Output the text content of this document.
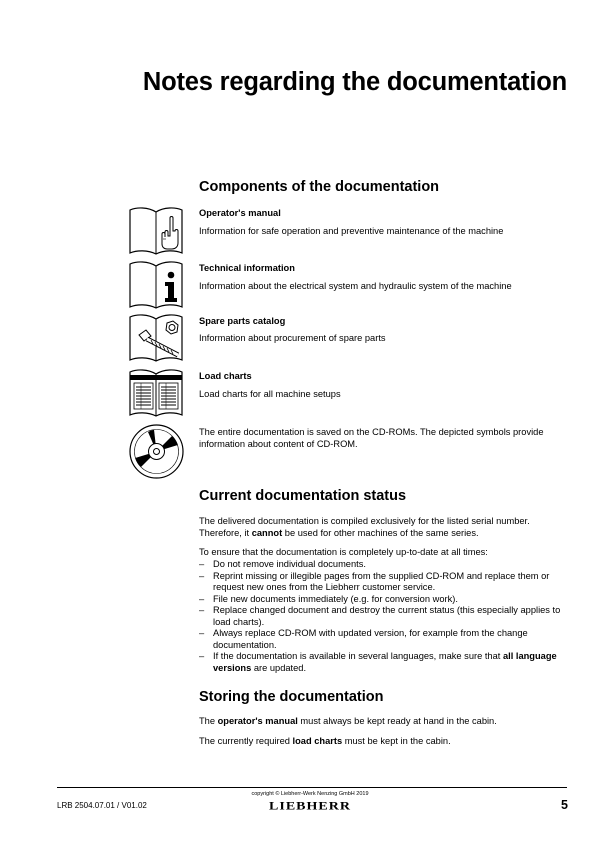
Notes regarding the documentation
Components of the documentation
Operator's manual
Information for safe operation and preventive maintenance of the machine
Technical information
Information about the electrical system and hydraulic system of the machine
Spare parts catalog
Information about procurement of spare parts
Load charts
Load charts for all machine setups
The entire documentation is saved on the CD-ROMs. The depicted symbols provide information about content of CD-ROM.
Current documentation status

The delivered documentation is compiled exclusively for the listed serial number. Therefore, it cannot be used for other machines of the same series.

To ensure that the documentation is completely up-to-date at all times:
– Do not remove individual documents.
– Reprint missing or illegible pages from the supplied CD-ROM and replace them or request new ones from the Liebherr customer service.
– File new documents immediately (e.g. for conversion work).
– Replace changed document and destroy the current status (this especially applies to load charts).
– Always replace CD-ROM with updated version, for example from the change documentation.
– If the documentation is available in several languages, make sure that all language versions are updated.
Storing the documentation

The operator's manual must always be kept ready at hand in the cabin.

The currently required load charts must be kept in the cabin.

LRB 2504.07.01 / V01.02
copyright © Liebherr-Werk Nenzing GmbH 2019
LIEBHERR	5
